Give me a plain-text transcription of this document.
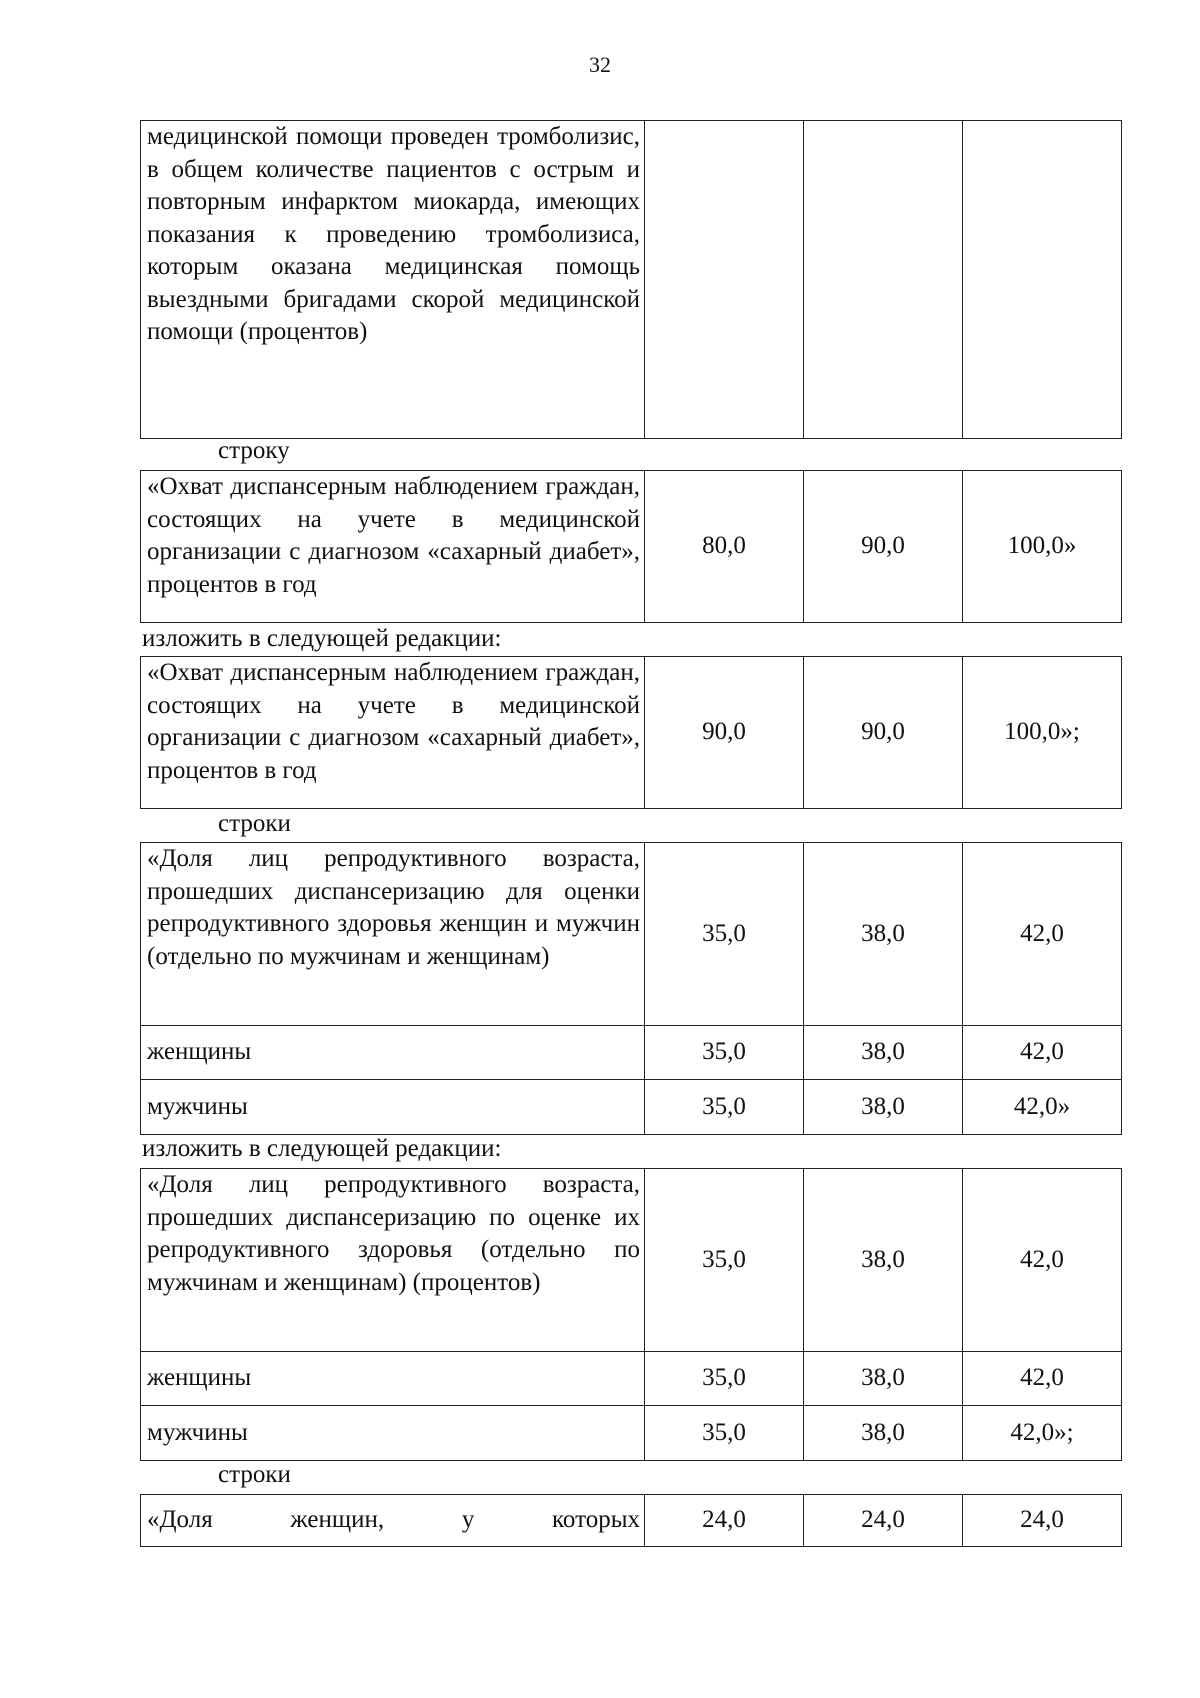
32
медицинской помощи проведен тромболизис, в общем количестве пациентов с острым и повторным инфарктом миокарда, имеющих показания к проведению тромболизиса, которым оказана медицинская помощь выездными бригадами скорой медицинской помощи (процентов)			
строку
«Охват диспансерным наблюдением граждан, состоящих на учете в медицинской организации с диагнозом «сахарный диабет», процентов в год	80,0	90,0	100,0»
изложить в следующей редакции:
«Охват диспансерным наблюдением граждан, состоящих на учете в медицинской организации с диагнозом «сахарный диабет», процентов в год	90,0	90,0	100,0»;
строки
«Доля лиц репродуктивного возраста, прошедших диспансеризацию для оценки репродуктивного здоровья женщин и мужчин (отдельно по мужчинам и женщинам)	35,0	38,0	42,0
женщины	35,0	38,0	42,0
мужчины	35,0	38,0	42,0»
изложить в следующей редакции:
«Доля лиц репродуктивного возраста, прошедших диспансеризацию по оценке их репродуктивного здоровья (отдельно по мужчинам и женщинам) (процентов)	35,0	38,0	42,0
женщины	35,0	38,0	42,0
мужчины	35,0	38,0	42,0»;
строки
«Доля женщин, у которых	24,0	24,0	24,0
